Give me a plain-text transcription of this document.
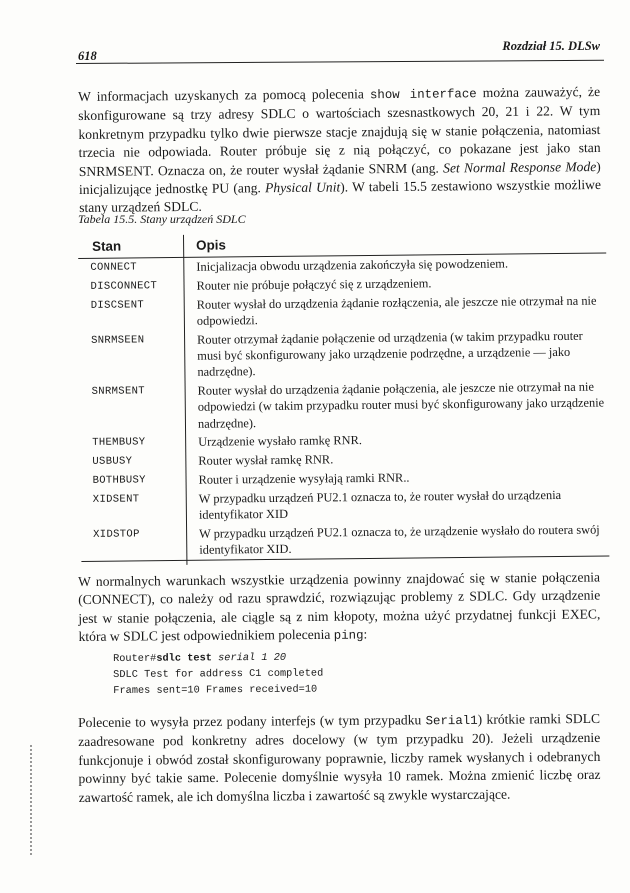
618
Rozdział 15. DLSw
W informacjach uzyskanych za pomocą polecenia show interface można zauważyć, że skonfigurowane są trzy adresy SDLC o wartościach szesnastkowych 20, 21 i 22. W tym konkretnym przypadku tylko dwie pierwsze stacje znajdują się w stanie połączenia, natomiast trzecia nie odpowiada. Router próbuje się z nią połączyć, co pokazane jest jako stan SNRMSENT. Oznacza on, że router wysłał żądanie SNRM (ang. Set Normal Response Mode) inicjalizujące jednostkę PU (ang. Physical Unit). W tabeli 15.5 zestawiono wszystkie możliwe stany urządzeń SDLC.
Tabela 15.5. Stany urządzeń SDLC
Stan	Opis
CONNECT	Inicjalizacja obwodu urządzenia zakończyła się powodzeniem.
DISCONNECT	Router nie próbuje połączyć się z urządzeniem.
DISCSENT	Router wysłał do urządzenia żądanie rozłączenia, ale jeszcze nie otrzymał na nie odpowiedzi.
SNRMSEEN	Router otrzymał żądanie połączenie od urządzenia (w takim przypadku router musi być skonfigurowany jako urządzenie podrzędne, a urządzenie — jako nadrzędne).
SNRMSENT	Router wysłał do urządzenia żądanie połączenia, ale jeszcze nie otrzymał na nie odpowiedzi (w takim przypadku router musi być skonfigurowany jako urządzenie nadrzędne).
THEMBUSY	Urządzenie wysłało ramkę RNR.
USBUSY	Router wysłał ramkę RNR.
BOTHBUSY	Router i urządzenie wysyłają ramki RNR..
XIDSENT	W przypadku urządzeń PU2.1 oznacza to, że router wysłał do urządzenia identyfikator XID
XIDSTOP	W przypadku urządzeń PU2.1 oznacza to, że urządzenie wysłało do routera swój identyfikator XID.
W normalnych warunkach wszystkie urządzenia powinny znajdować się w stanie połączenia (CONNECT), co należy od razu sprawdzić, rozwiązując problemy z SDLC. Gdy urządzenie jest w stanie połączenia, ale ciągle są z nim kłopoty, można użyć przydatnej funkcji EXEC, która w SDLC jest odpowiednikiem polecenia ping:
Router#sdlc test serial 1 20
SDLC Test for address C1 completed
Frames sent=10 Frames received=10
Polecenie to wysyła przez podany interfejs (w tym przypadku Serial1) krótkie ramki SDLC zaadresowane pod konkretny adres docelowy (w tym przypadku 20). Jeżeli urządzenie funkcjonuje i obwód został skonfigurowany poprawnie, liczby ramek wysłanych i odebranych powinny być takie same. Polecenie domyślnie wysyła 10 ramek. Można zmienić liczbę oraz zawartość ramek, ale ich domyślna liczba i zawartość są zwykle wystarczające.
